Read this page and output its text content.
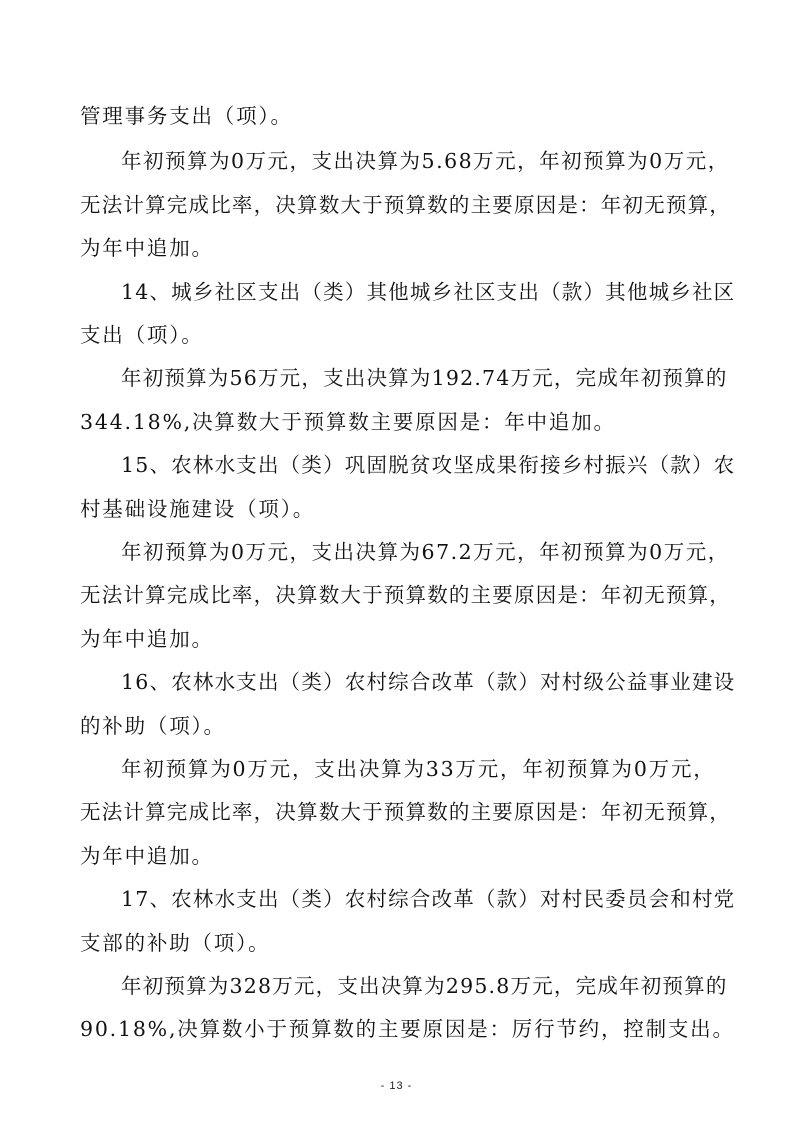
管理事务支出（项）。
年初预算为0万元，支出决算为5.68万元，年初预算为0万元，
无法计算完成比率，决算数大于预算数的主要原因是：年初无预算，
为年中追加。
14、城乡社区支出（类）其他城乡社区支出（款）其他城乡社区
支出（项）。
年初预算为56万元，支出决算为192.74万元，完成年初预算的
344.18%,决算数大于预算数主要原因是：年中追加。
15、农林水支出（类）巩固脱贫攻坚成果衔接乡村振兴（款）农
村基础设施建设（项）。
年初预算为0万元，支出决算为67.2万元，年初预算为0万元，
无法计算完成比率，决算数大于预算数的主要原因是：年初无预算，
为年中追加。
16、农林水支出（类）农村综合改革（款）对村级公益事业建设
的补助（项）。
年初预算为0万元，支出决算为33万元，年初预算为0万元，
无法计算完成比率，决算数大于预算数的主要原因是：年初无预算，
为年中追加。
17、农林水支出（类）农村综合改革（款）对村民委员会和村党
支部的补助（项）。
年初预算为328万元，支出决算为295.8万元，完成年初预算的
90.18%,决算数小于预算数的主要原因是：厉行节约，控制支出。
- 13 -
